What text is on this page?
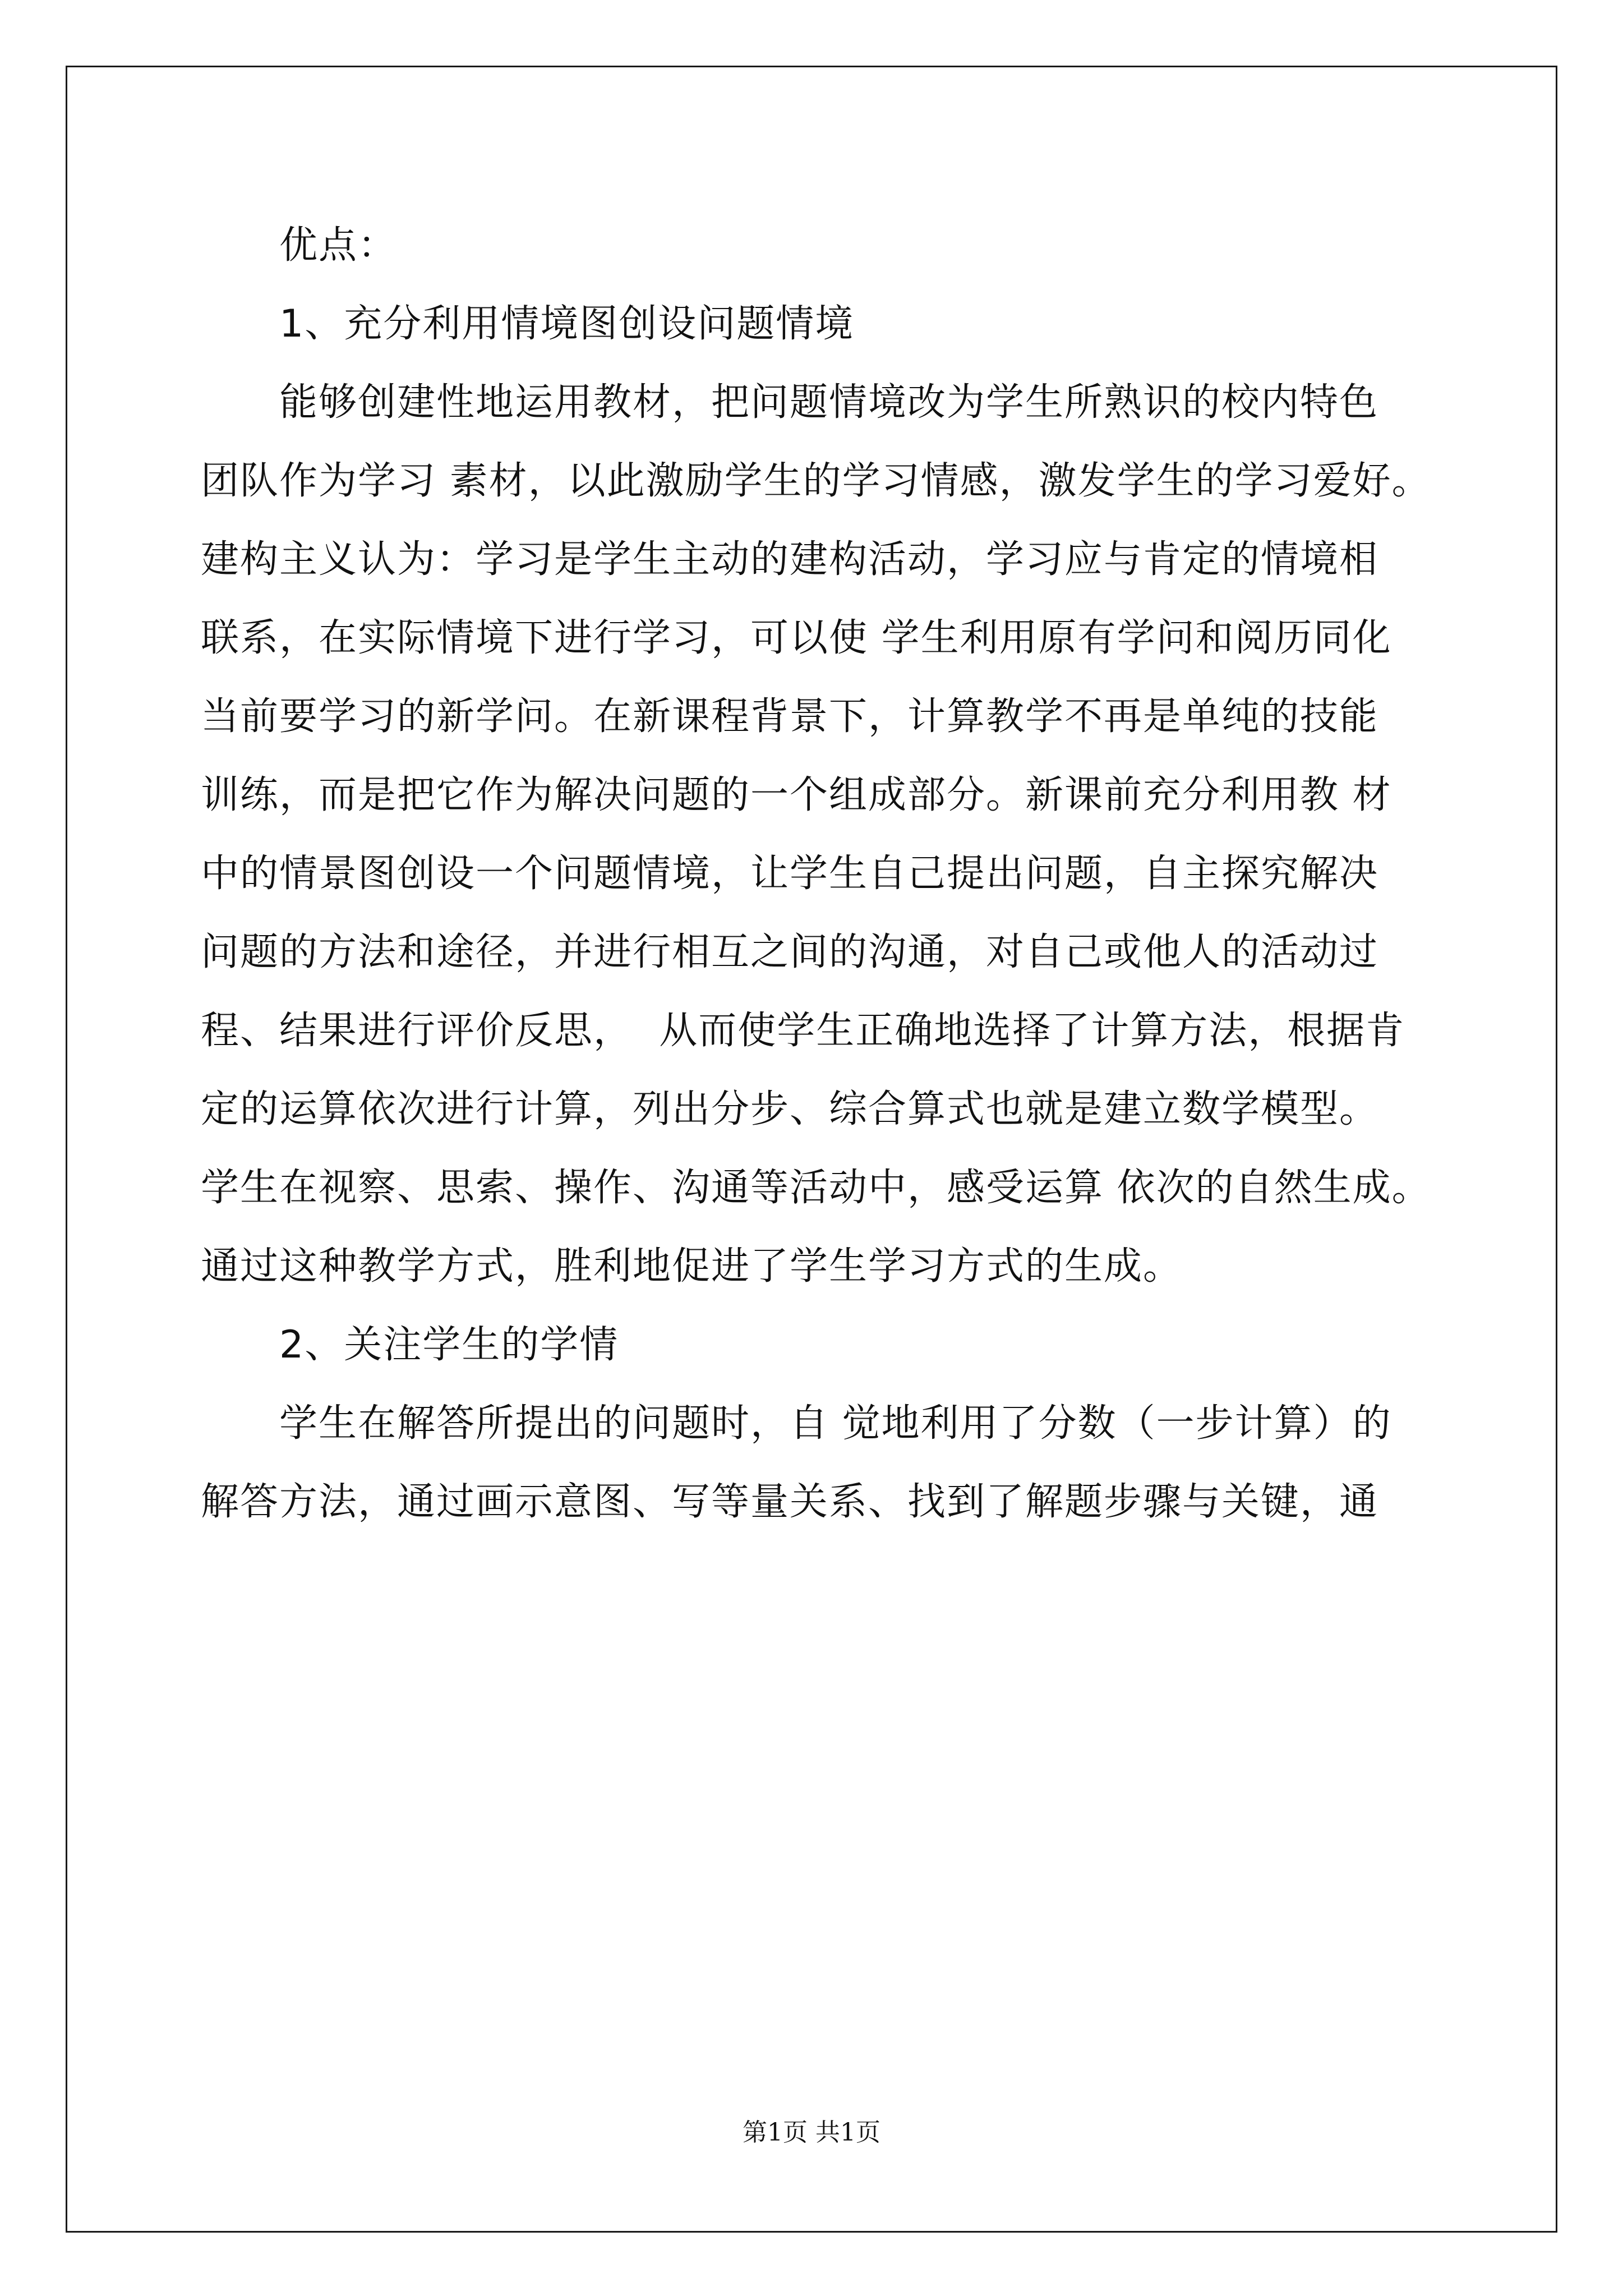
优点：
1、充分利用情境图创设问题情境
能够创建性地运用教材，把问题情境改为学生所熟识的校内特色
团队作为学习 素材，以此激励学生的学习情感，激发学生的学习爱好。
建构主义认为：学习是学生主动的建构活动，学习应与肯定的情境相
联系，在实际情境下进行学习，可以使 学生利用原有学问和阅历同化
当前要学习的新学问。在新课程背景下，计算教学不再是单纯的技能
训练，而是把它作为解决问题的一个组成部分。新课前充分利用教 材
中的情景图创设一个问题情境，让学生自己提出问题，自主探究解决
问题的方法和途径，并进行相互之间的沟通，对自己或他人的活动过
程、结果进行评价反思，  从而使学生正确地选择了计算方法，根据肯
定的运算依次进行计算，列出分步、综合算式也就是建立数学模型。
学生在视察、思索、操作、沟通等活动中，感受运算 依次的自然生成。
通过这种教学方式，胜利地促进了学生学习方式的生成。
2、关注学生的学情
学生在解答所提出的问题时，自 觉地利用了分数（一步计算）的
解答方法，通过画示意图、写等量关系、找到了解题步骤与关键，通

第1页 共1页
